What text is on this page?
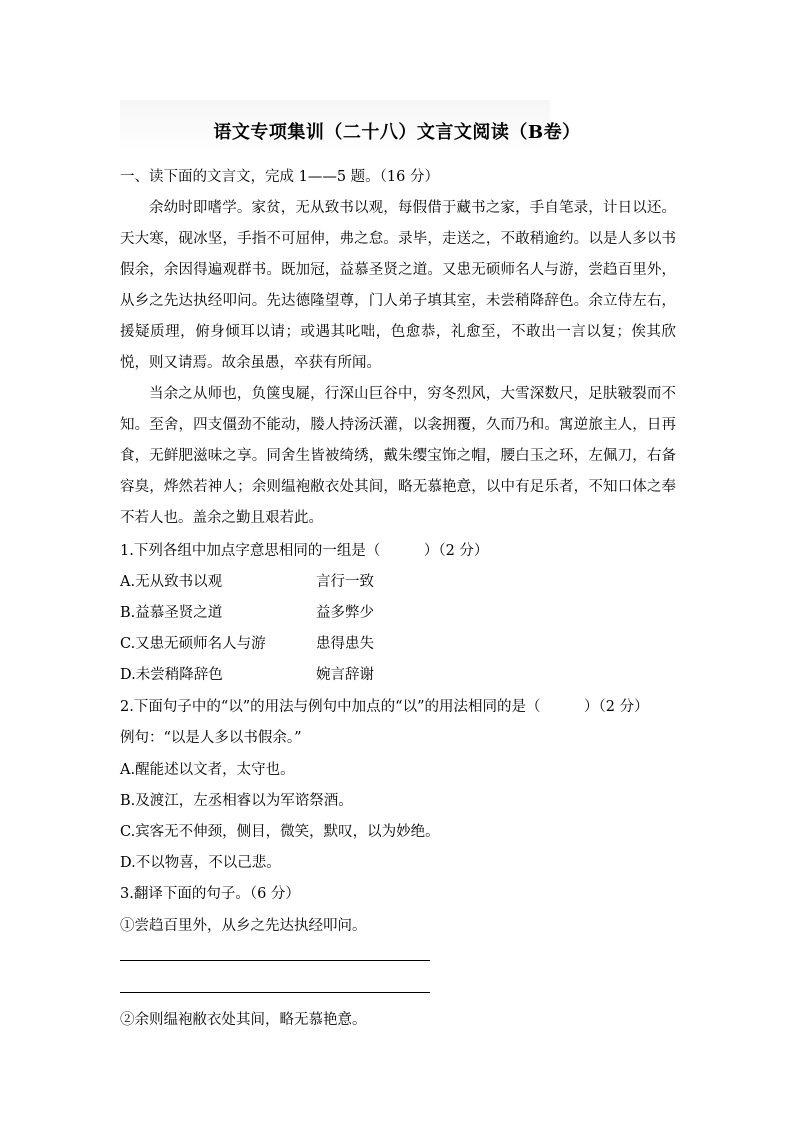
语文专项集训（二十八）文言文阅读（B卷）

一、读下面的文言文，完成 1——5 题。（16 分）

余幼时即嗜学。家贫，无从致书以观，每假借于藏书之家，手自笔录，计日以还。天大寒，砚冰坚，手指不可屈伸，弗之怠。录毕，走送之，不敢稍逾约。以是人多以书假余，余因得遍观群书。既加冠，益慕圣贤之道。又患无硕师名人与游，尝趋百里外，从乡之先达执经叩问。先达德隆望尊，门人弟子填其室，未尝稍降辞色。余立侍左右，援疑质理，俯身倾耳以请；或遇其叱咄，色愈恭，礼愈至，不敢出一言以复；俟其欣悦，则又请焉。故余虽愚，卒获有所闻。

当余之从师也，负箧曳屣，行深山巨谷中，穷冬烈风，大雪深数尺，足肤皲裂而不知。至舍，四支僵劲不能动，媵人持汤沃灌，以衾拥覆，久而乃和。寓逆旅主人，日再食，无鲜肥滋味之享。同舍生皆被绮绣，戴朱缨宝饰之帽，腰白玉之环，左佩刀，右备容臭，烨然若神人；余则缊袍敝衣处其间，略无慕艳意，以中有足乐者，不知口体之奉不若人也。盖余之勤且艰若此。

1.下列各组中加点字意思相同的一组是（　　　）（2 分）

A.无从致书以观	言行一致
B.益慕圣贤之道	益多弊少
C.又患无硕师名人与游	患得患失
D.未尝稍降辞色	婉言辞谢

2.下面句子中的“以”的用法与例句中加点的“以”的用法相同的是（　　　）（2 分）

例句：“以是人多以书假余。”

A.醒能述以文者，太守也。

B.及渡江，左丞相睿以为军谘祭酒。

C.宾客无不伸颈，侧目，微笑，默叹，以为妙绝。

D.不以物喜，不以己悲。

3.翻译下面的句子。（6 分）

①尝趋百里外，从乡之先达执经叩问。

②余则缊袍敝衣处其间，略无慕艳意。
